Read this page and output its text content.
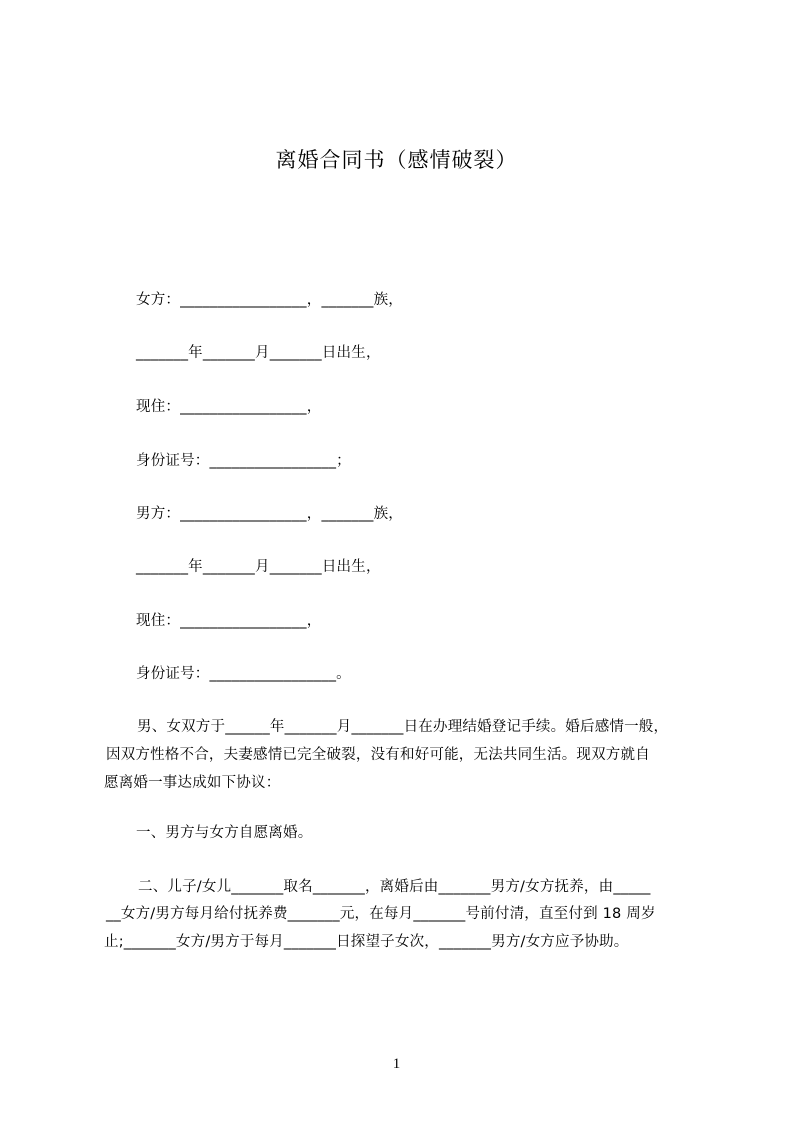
离婚合同书（感情破裂）
女方：_________________，_______族，
_______年_______月_______日出生，
现住：_________________，
身份证号：_________________；
男方：_________________，_______族，
_______年_______月_______日出生，
现住：_________________，
身份证号：_________________。
男、女双方于______年_______月_______日在办理结婚登记手续。婚后感情一般，
因双方性格不合，夫妻感情已完全破裂，没有和好可能，无法共同生活。现双方就自
愿离婚一事达成如下协议：
一、男方与女方自愿离婚。
二、儿子/女儿_______取名_______，离婚后由_______男方/女方抚养，由_____
__女方/男方每月给付抚养费_______元，在每月_______号前付清，直至付到 18 周岁
止;_______女方/男方于每月_______日探望子女次，_______男方/女方应予协助。
1
